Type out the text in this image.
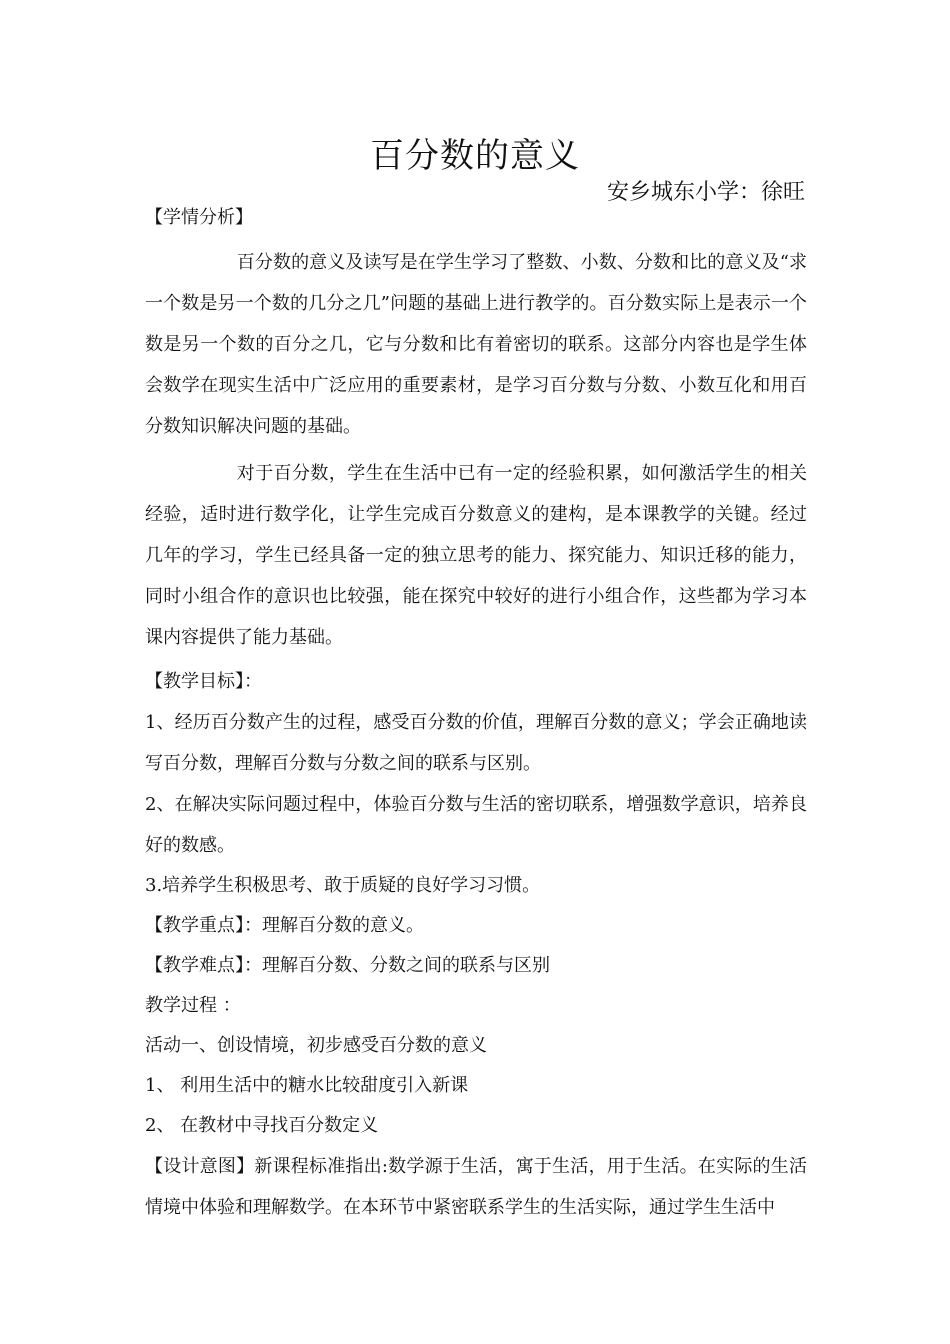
百分数的意义
安乡城东小学：徐旺
【学情分析】

百分数的意义及读写是在学生学习了整数、小数、分数和比的意义及“求一个数是另一个数的几分之几”问题的基础上进行教学的。百分数实际上是表示一个数是另一个数的百分之几，它与分数和比有着密切的联系。这部分内容也是学生体会数学在现实生活中广泛应用的重要素材，是学习百分数与分数、小数互化和用百分数知识解决问题的基础。

对于百分数，学生在生活中已有一定的经验积累，如何激活学生的相关经验，适时进行数学化，让学生完成百分数意义的建构，是本课教学的关键。经过几年的学习，学生已经具备一定的独立思考的能力、探究能力、知识迁移的能力，同时小组合作的意识也比较强，能在探究中较好的进行小组合作，这些都为学习本课内容提供了能力基础。

【教学目标】：

1、经历百分数产生的过程，感受百分数的价值，理解百分数的意义；学会正确地读写百分数，理解百分数与分数之间的联系与区别。

2、在解决实际问题过程中，体验百分数与生活的密切联系，增强数学意识，培养良好的数感。

3.培养学生积极思考、敢于质疑的良好学习习惯。
【教学重点】：理解百分数的意义。
【教学难点】：理解百分数、分数之间的联系与区别
教学过程 ：
活动一、创设情境，初步感受百分数的意义
1、 利用生活中的糖水比较甜度引入新课
2、 在教材中寻找百分数定义

【设计意图】新课程标准指出:数学源于生活，寓于生活，用于生活。在实际的生活情境中体验和理解数学。在本环节中紧密联系学生的生活实际，通过学生生活中
